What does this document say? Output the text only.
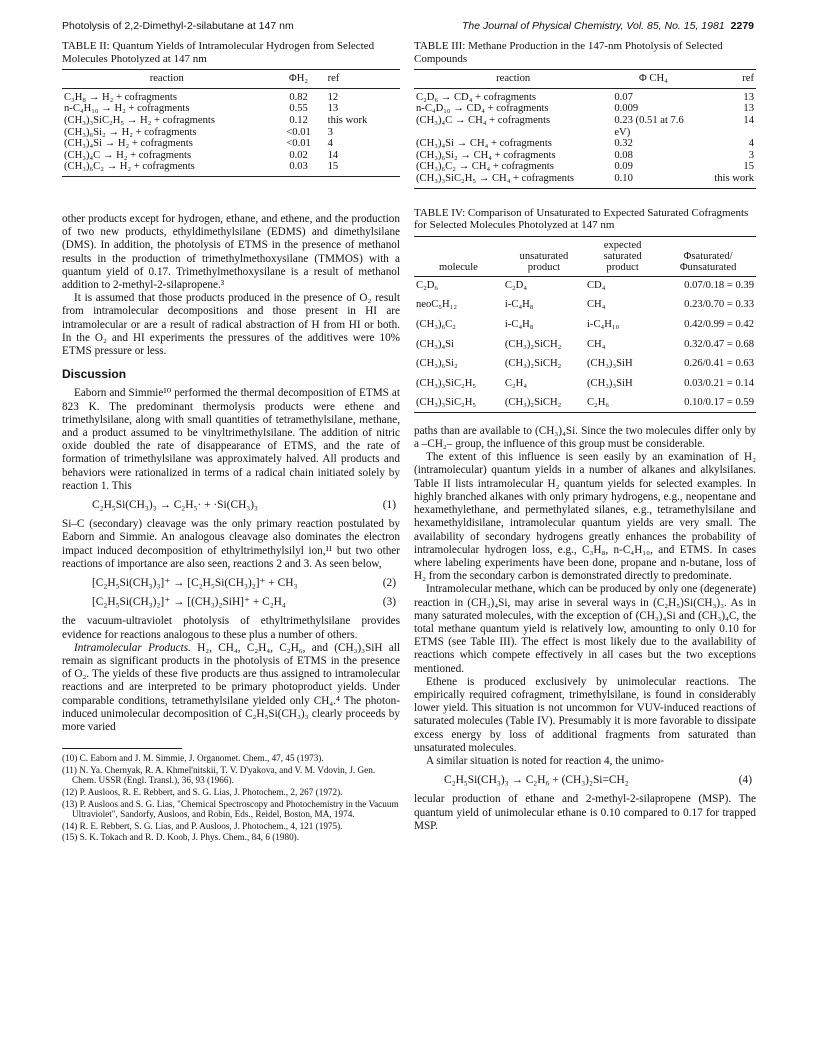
Photolysis of 2,2-Dimethyl-2-silabutane at 147 nm	The Journal of Physical Chemistry, Vol. 85, No. 15, 1981 2279
TABLE II: Quantum Yields of Intramolecular Hydrogen from Selected Molecules Photolyzed at 147 nm
reaction	ΦH₂	ref
C₃H₈ → H₂ + cofragments	0.82	12
n-C₄H₁₀ → H₂ + cofragments	0.55	13
(CH₃)₃SiC₂H₅ → H₂ + cofragments	0.12	this work
(CH₃)₆Si₂ → H₂ + cofragments	<0.01	3
(CH₃)₄Si → H₂ + cofragments	<0.01	4
(CH₃)₄C → H₂ + cofragments	0.02	14
(CH₃)₆C₂ → H₂ + cofragments	0.03	15

other products except for hydrogen, ethane, and ethene, and the production of two new products, ethyldimethylsilane (EDMS) and dimethylsilane (DMS). In addition, the photolysis of ETMS in the presence of methanol results in the production of trimethylmethoxysilane (TMMOS) with a quantum yield of 0.17. Trimethylmethoxysilane is a result of methanol addition to 2-methyl-2-silapropene.³

It is assumed that those products produced in the presence of O₂ result from intramolecular decompositions and those present in HI are intramolecular or are a result of radical abstraction of H from HI or both. In the O₂ and HI experiments the pressures of the additives were 10% ETMS pressure or less.

Discussion

Eaborn and Simmie¹⁰ performed the thermal decomposition of ETMS at 823 K. The predominant thermolysis products were ethene and trimethylsilane, along with small quantities of tetramethylsilane, methane, and a product assumed to be vinyltrimethylsilane. The addition of nitric oxide doubled the rate of disappearance of ETMS, and the rate of formation of trimethylsilane was approximately halved. All products and behaviors were rationalized in terms of a radical chain initiated solely by reaction 1. This

C₂H₅Si(CH₃)₃ → C₂H₅· + ·Si(CH₃)₃	(1)

Si–C (secondary) cleavage was the only primary reaction postulated by Eaborn and Simmie. An analogous cleavage also dominates the electron impact induced decomposition of ethyltrimethylsilyl ion,¹¹ but two other reactions of importance are also seen, reactions 2 and 3. As seen below,

[C₂H₅Si(CH₃)₃]⁺ → [C₂H₅Si(CH₃)₂]⁺ + CH₃	(2)
[C₂H₅Si(CH₃)₂]⁺ → [(CH₃)₂SiH]⁺ + C₂H₄	(3)

the vacuum-ultraviolet photolysis of ethyltrimethylsilane provides evidence for reactions analogous to these plus a number of others.

Intramolecular Products. H₂, CH₄, C₂H₄, C₂H₆, and (CH₃)₃SiH all remain as significant products in the photolysis of ETMS in the presence of O₂. The yields of these five products are thus assigned to intramolecular reactions and are interpreted to be primary photoproduct yields. Under comparable conditions, tetramethylsilane yielded only CH₄.⁴ The photon-induced unimolecular decomposition of C₂H₅Si(CH₃)₃ clearly proceeds by more varied

(10) C. Eaborn and J. M. Simmie, J. Organomet. Chem., 47, 45 (1973).
(11) N. Ya. Chernyak, R. A. Khmel'nitskii, T. V. D'yakova, and V. M. Vdovin, J. Gen. Chem. USSR (Engl. Transl.), 36, 93 (1966).
(12) P. Ausloos, R. E. Rebbert, and S. G. Lias, J. Photochem., 2, 267 (1972).
(13) P. Ausloos and S. G. Lias, "Chemical Spectroscopy and Photochemistry in the Vacuum Ultraviolet", Sandorfy, Ausloos, and Robin, Eds., Reidel, Boston, MA, 1974.
(14) R. E. Rebbert, S. G. Lias, and P. Ausloos, J. Photochem., 4, 121 (1975).
(15) S. K. Tokach and R. D. Koob, J. Phys. Chem., 84, 6 (1980).
TABLE III: Methane Production in the 147-nm Photolysis of Selected Compounds
reaction	Φ CH₄	ref
C₂D₆ → CD₄ + cofragments	0.07	13
n-C₄D₁₀ → CD₄ + cofragments	0.009	13
(CH₃)₄C → CH₄ + cofragments	0.23 (0.51 at 7.6 eV)	14
(CH₃)₄Si → CH₄ + cofragments	0.32	4
(CH₃)₆Si₂ → CH₄ + cofragments	0.08	3
(CH₃)₆C₂ → CH₄ + cofragments	0.09	15
(CH₃)₃SiC₂H₅ → CH₄ + cofragments	0.10	this work
TABLE IV: Comparison of Unsaturated to Expected Saturated Cofragments for Selected Molecules Photolyzed at 147 nm
molecule	unsaturated product	expected saturated product	Φsaturated/ Φunsaturated
C₂D₆	C₂D₄	CD₄	0.07/0.18 = 0.39
neoC₅H₁₂	i-C₄H₈	CH₄	0.23/0.70 = 0.33
(CH₃)₆C₂	i-C₄H₈	i-C₄H₁₀	0.42/0.99 = 0.42
(CH₃)₄Si	(CH₃)₂SiCH₂	CH₄	0.32/0.47 = 0.68
(CH₃)₆Si₂	(CH₃)₂SiCH₂	(CH₃)₃SiH	0.26/0.41 = 0.63
(CH₃)₃SiC₂H₅	C₂H₄	(CH₃)₃SiH	0.03/0.21 = 0.14
(CH₃)₃SiC₂H₅	(CH₃)₂SiCH₂	C₂H₆	0.10/0.17 = 0.59

paths than are available to (CH₃)₄Si. Since the two molecules differ only by a –CH₂– group, the influence of this group must be considerable.

The extent of this influence is seen easily by an examination of H₂ (intramolecular) quantum yields in a number of alkanes and alkylsilanes. Table II lists intramolecular H₂ quantum yields for selected examples. In highly branched alkanes with only primary hydrogens, e.g., neopentane and hexamethylethane, and permethylated silanes, e.g., tetramethylsilane and hexamethyldisilane, intramolecular quantum yields are very small. The availability of secondary hydrogens greatly enhances the probability of intramolecular hydrogen loss, e.g., C₃H₈, n-C₄H₁₀, and ETMS. In cases where labeling experiments have been done, propane and n-butane, loss of H₂ from the secondary carbon is demonstrated directly to predominate.

Intramolecular methane, which can be produced by only one (degenerate) reaction in (CH₃)₄Si, may arise in several ways in (C₂H₅)Si(CH₃)₃. As in many saturated molecules, with the exception of (CH₃)₄Si and (CH₃)₄C, the total methane quantum yield is relatively low, amounting to only 0.10 for ETMS (see Table III). The effect is most likely due to the availability of reactions which compete effectively in all cases but the two exceptions mentioned.

Ethene is produced exclusively by unimolecular reactions. The empirically required cofragment, trimethylsilane, is found in considerably lower yield. This situation is not uncommon for VUV-induced reactions of saturated molecules (Table IV). Presumably it is more favorable to dissipate excess energy by loss of additional fragments from saturated than unsaturated molecules.

A similar situation is noted for reaction 4, the unimo-

C₂H₅Si(CH₃)₃ → C₂H₆ + (CH₃)₂Si=CH₂	(4)

lecular production of ethane and 2-methyl-2-silapropene (MSP). The quantum yield of unimolecular ethane is 0.10 compared to 0.17 for trapped MSP.
